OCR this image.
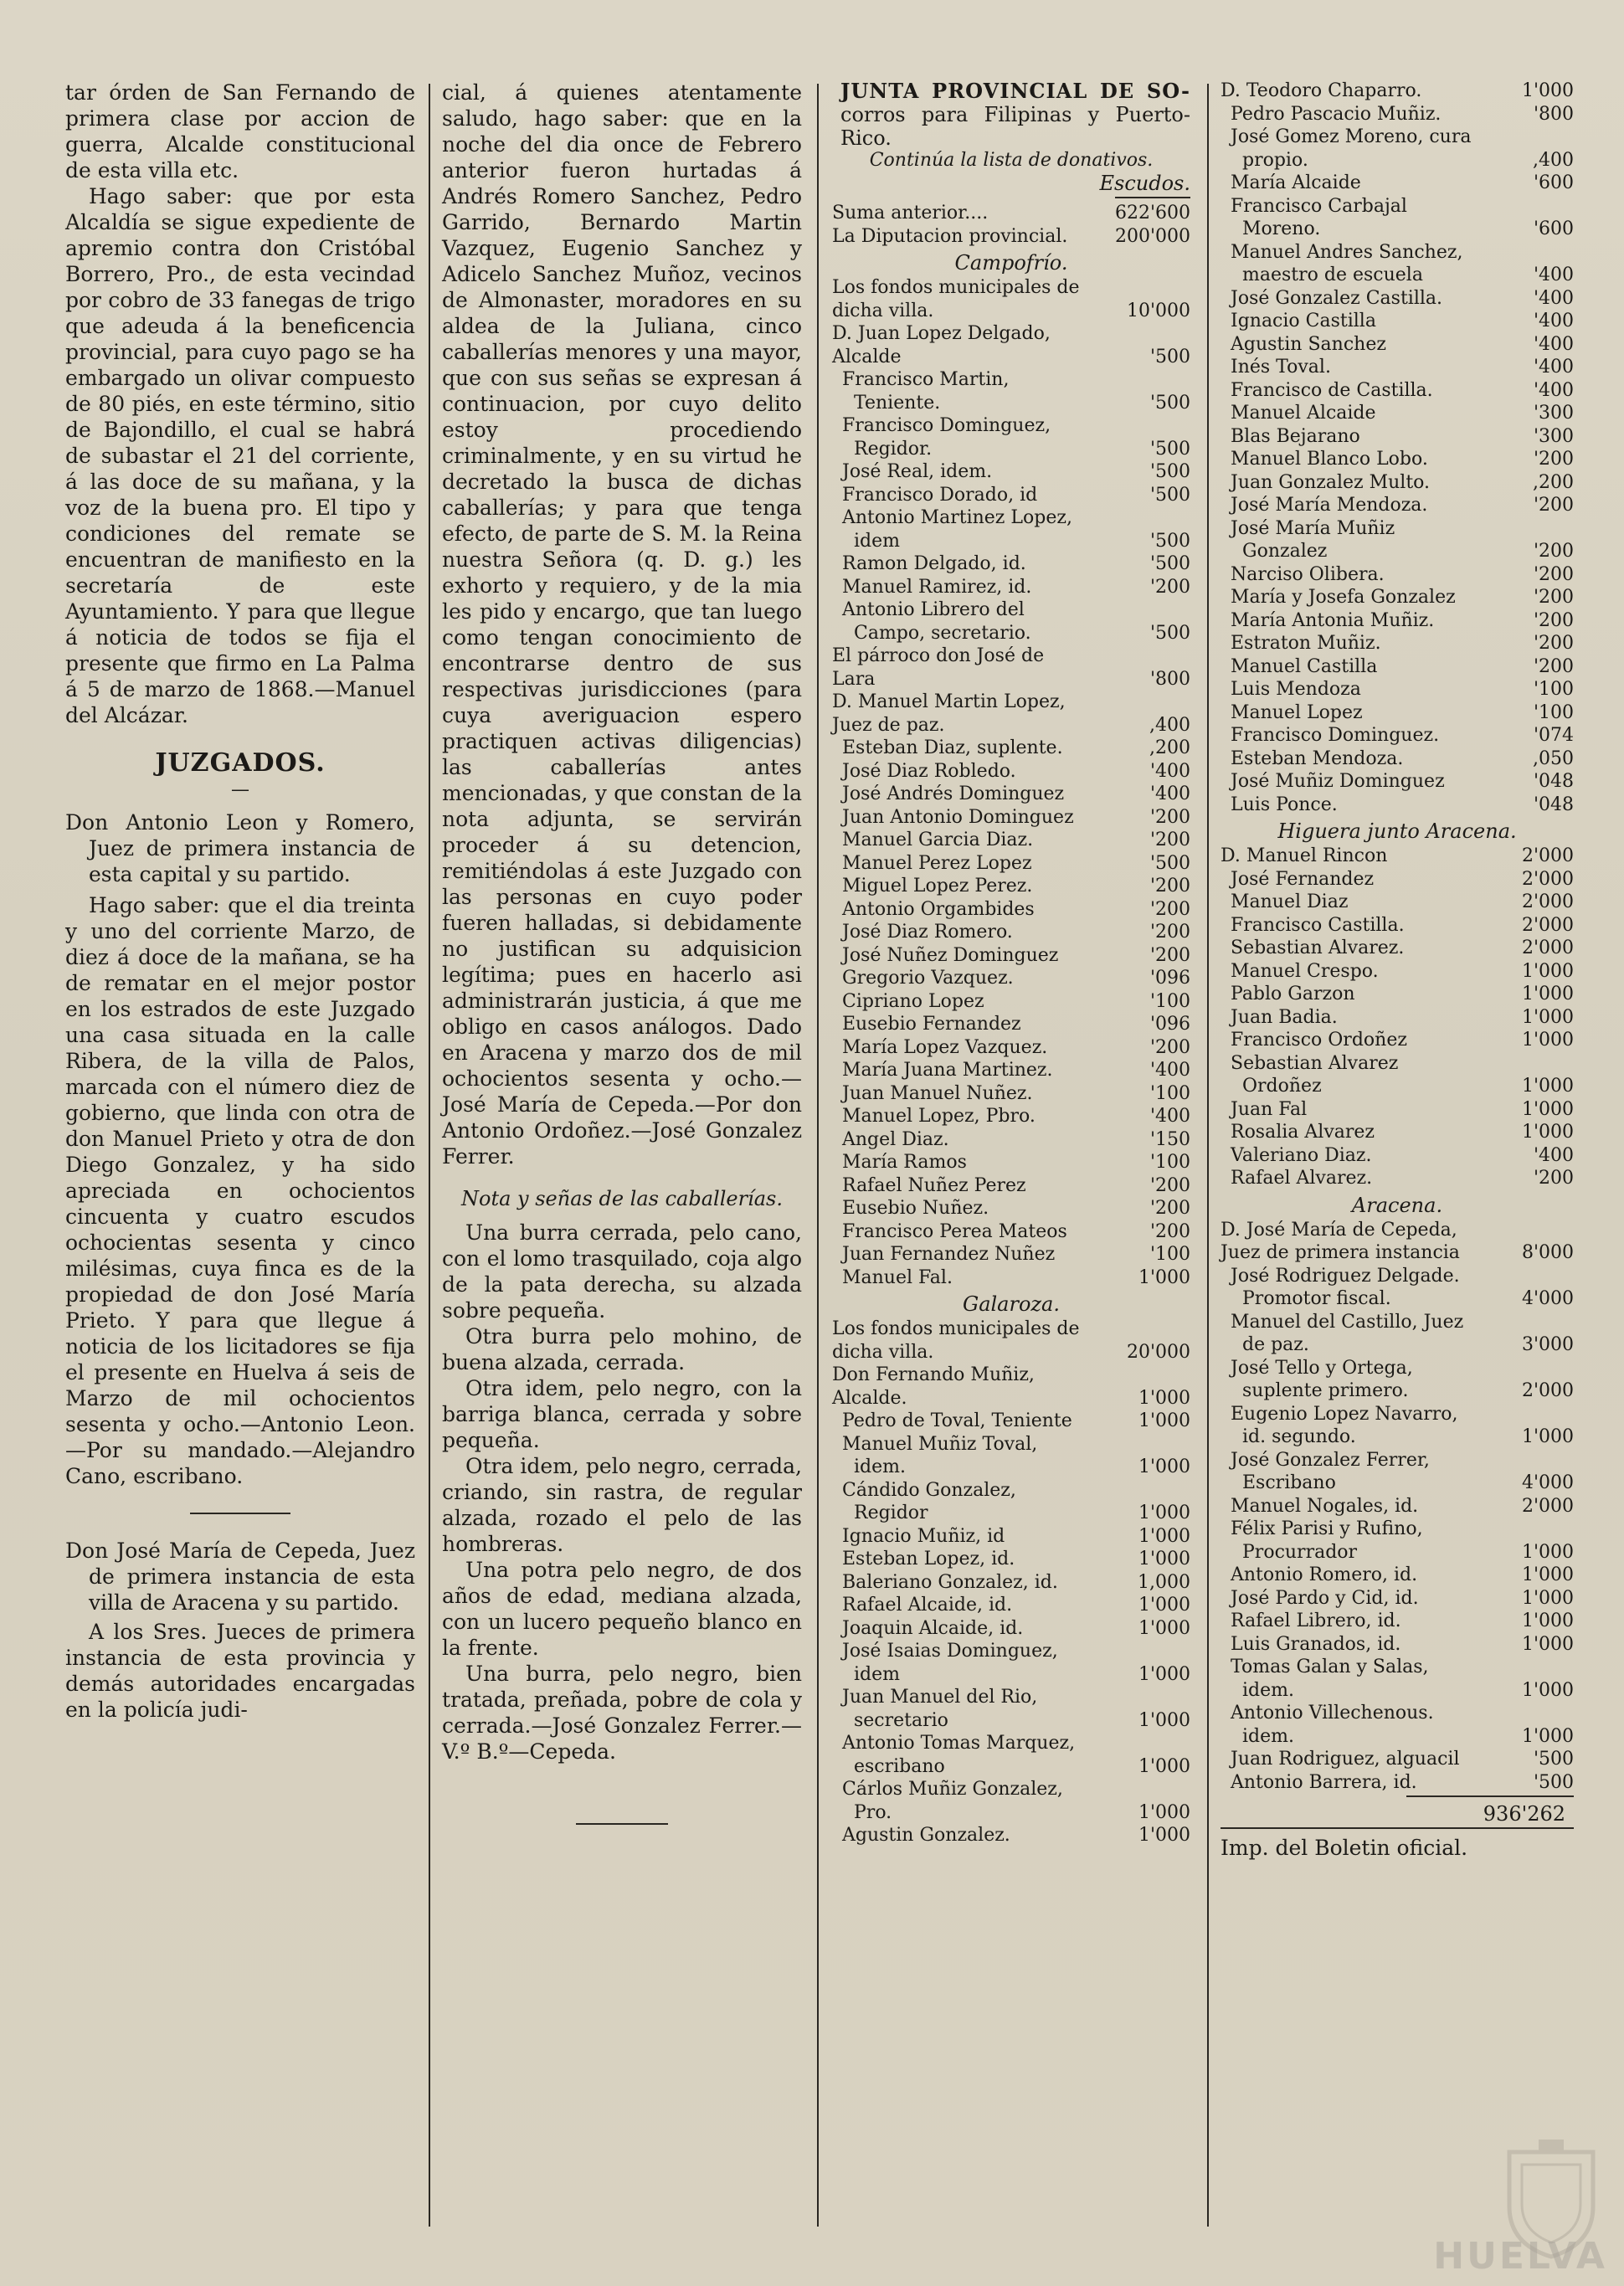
tar órden de San Fernando de primera clase por accion de guerra, Alcalde constitucional de esta villa etc.

Hago saber: que por esta Alcaldía se sigue expediente de apremio contra don Cristóbal Borrero, Pro., de esta vecindad por cobro de 33 fanegas de trigo que adeuda á la beneficencia provincial, para cuyo pago se ha embargado un olivar compuesto de 80 piés, en este término, sitio de Bajondillo, el cual se habrá de subastar el 21 del corriente, á las doce de su mañana, y la voz de la buena pro. El tipo y condiciones del remate se encuentran de manifiesto en la secretaría de este Ayuntamiento. Y para que llegue á noticia de todos se fija el presente que firmo en La Palma á 5 de marzo de 1868.—Manuel del Alcázar.

JUZGADOS.
—

Don Antonio Leon y Romero, Juez de primera instancia de esta capital y su partido.

Hago saber: que el dia treinta y uno del corriente Marzo, de diez á doce de la mañana, se ha de rematar en el mejor postor en los estrados de este Juzgado una casa situada en la calle Ribera, de la villa de Palos, marcada con el número diez de gobierno, que linda con otra de don Manuel Prieto y otra de don Diego Gonzalez, y ha sido apreciada en ochocientos cincuenta y cuatro escudos ochocientas sesenta y cinco milésimas, cuya finca es de la propiedad de don José María Prieto. Y para que llegue á noticia de los licitadores se fija el presente en Huelva á seis de Marzo de mil ochocientos sesenta y ocho.—Antonio Leon.—Por su mandado.—Alejandro Cano, escribano.

Don José María de Cepeda, Juez de primera instancia de esta villa de Aracena y su partido.

A los Sres. Jueces de primera instancia de esta provincia y demás autoridades encargadas en la policía judi-

cial, á quienes atentamente saludo, hago saber: que en la noche del dia once de Febrero anterior fueron hurtadas á Andrés Romero Sanchez, Pedro Garrido, Bernardo Martin Vazquez, Eugenio Sanchez y Adicelo Sanchez Muñoz, vecinos de Almonaster, moradores en su aldea de la Juliana, cinco caballerías menores y una mayor, que con sus señas se expresan á continuacion, por cuyo delito estoy procediendo criminalmente, y en su virtud he decretado la busca de dichas caballerías; y para que tenga efecto, de parte de S. M. la Reina nuestra Señora (q. D. g.) les exhorto y requiero, y de la mia les pido y encargo, que tan luego como tengan conocimiento de encontrarse dentro de sus respectivas jurisdicciones (para cuya averiguacion espero practiquen activas diligencias) las caballerías antes mencionadas, y que constan de la nota adjunta, se servirán proceder á su detencion, remitiéndolas á este Juzgado con las personas en cuyo poder fueren halladas, si debidamente no justifican su adquisicion legítima; pues en hacerlo asi administrarán justicia, á que me obligo en casos análogos. Dado en Aracena y marzo dos de mil ochocientos sesenta y ocho.—José María de Cepeda.—Por don Antonio Ordoñez.—José Gonzalez Ferrer.

Nota y señas de las caballerías.

Una burra cerrada, pelo cano, con el lomo trasquilado, coja algo de la pata derecha, su alzada sobre pequeña.

Otra burra pelo mohino, de buena alzada, cerrada.

Otra idem, pelo negro, con la barriga blanca, cerrada y sobre pequeña.

Otra idem, pelo negro, cerrada, criando, sin rastra, de regular alzada, rozado el pelo de las hombreras.

Una potra pelo negro, de dos años de edad, mediana alzada, con un lucero pequeño blanco en la frente.

Una burra, pelo negro, bien tratada, preñada, pobre de cola y cerrada.—José Gonzalez Ferrer.—V.º B.º—Cepeda.

JUNTA PROVINCIAL DE SO- corros para Filipinas y Puerto-Rico.
Continúa la lista de donativos.
Escudos.
Suma anterior....	622'600
La Diputacion provincial.	200'000
Campofrío.
Los fondos municipales de dicha villa.	10'000
D. Juan Lopez Delgado, Alcalde	'500
Francisco Martin, Teniente.	'500
Francisco Dominguez, Regidor.	'500
José Real, idem.	'500
Francisco Dorado, id	'500
Antonio Martinez Lopez, idem	'500
Ramon Delgado, id.	'500
Manuel Ramirez, id.	'200
Antonio Librero del Campo, secretario.	'500
El párroco don José de Lara	'800
D. Manuel Martin Lopez, Juez de paz.	,400
Esteban Diaz, suplente.	,200
José Diaz Robledo.	'400
José Andrés Dominguez	'400
Juan Antonio Dominguez	'200
Manuel Garcia Diaz.	'200
Manuel Perez Lopez	'500
Miguel Lopez Perez.	'200
Antonio Orgambides	'200
José Diaz Romero.	'200
José Nuñez Dominguez	'200
Gregorio Vazquez.	'096
Cipriano Lopez	'100
Eusebio Fernandez	'096
María Lopez Vazquez.	'200
María Juana Martinez.	'400
Juan Manuel Nuñez.	'100
Manuel Lopez, Pbro.	'400
Angel Diaz.	'150
María Ramos	'100
Rafael Nuñez Perez	'200
Eusebio Nuñez.	'200
Francisco Perea Mateos	'200
Juan Fernandez Nuñez	'100
Manuel Fal.	1'000
Galaroza.
Los fondos municipales de dicha villa.	20'000
Don Fernando Muñiz, Alcalde.	1'000
Pedro de Toval, Teniente	1'000
Manuel Muñiz Toval, idem.	1'000
Cándido Gonzalez, Regidor	1'000
Ignacio Muñiz, id	1'000
Esteban Lopez, id.	1'000
Baleriano Gonzalez, id.	1,000
Rafael Alcaide, id.	1'000
Joaquin Alcaide, id.	1'000
José Isaias Dominguez, idem	1'000
Juan Manuel del Rio, secretario	1'000
Antonio Tomas Marquez, escribano	1'000
Cárlos Muñiz Gonzalez, Pro.	1'000
Agustin Gonzalez.	1'000
D. Teodoro Chaparro.	1'000
Pedro Pascacio Muñiz.	'800
José Gomez Moreno, cura propio.	,400
María Alcaide	'600
Francisco Carbajal Moreno.	'600
Manuel Andres Sanchez, maestro de escuela	'400
José Gonzalez Castilla.	'400
Ignacio Castilla	'400
Agustin Sanchez	'400
Inés Toval.	'400
Francisco de Castilla.	'400
Manuel Alcaide	'300
Blas Bejarano	'300
Manuel Blanco Lobo.	'200
Juan Gonzalez Multo.	,200
José María Mendoza.	'200
José María Muñiz Gonzalez	'200
Narciso Olibera.	'200
María y Josefa Gonzalez	'200
María Antonia Muñiz.	'200
Estraton Muñiz.	'200
Manuel Castilla	'200
Luis Mendoza	'100
Manuel Lopez	'100
Francisco Dominguez.	'074
Esteban Mendoza.	,050
José Muñiz Dominguez	'048
Luis Ponce.	'048
Higuera junto Aracena.
D. Manuel Rincon	2'000
José Fernandez	2'000
Manuel Diaz	2'000
Francisco Castilla.	2'000
Sebastian Alvarez.	2'000
Manuel Crespo.	1'000
Pablo Garzon	1'000
Juan Badia.	1'000
Francisco Ordoñez	1'000
Sebastian Alvarez Ordoñez	1'000
Juan Fal	1'000
Rosalia Alvarez	1'000
Valeriano Diaz.	'400
Rafael Alvarez.	'200
Aracena.
D. José María de Cepeda, Juez de primera instancia	8'000
José Rodriguez Delgade. Promotor fiscal.	4'000
Manuel del Castillo, Juez de paz.	3'000
José Tello y Ortega, suplente primero.	2'000
Eugenio Lopez Navarro, id. segundo.	1'000
José Gonzalez Ferrer, Escribano	4'000
Manuel Nogales, id.	2'000
Félix Parisi y Rufino, Procurrador	1'000
Antonio Romero, id.	1'000
José Pardo y Cid, id.	1'000
Rafael Librero, id.	1'000
Luis Granados, id.	1'000
Tomas Galan y Salas, idem.	1'000
Antonio Villechenous. idem.	1'000
Juan Rodriguez, alguacil	'500
Antonio Barrera, id.	'500
936'262
Imp. del Boletin oficial.
HUELVA
